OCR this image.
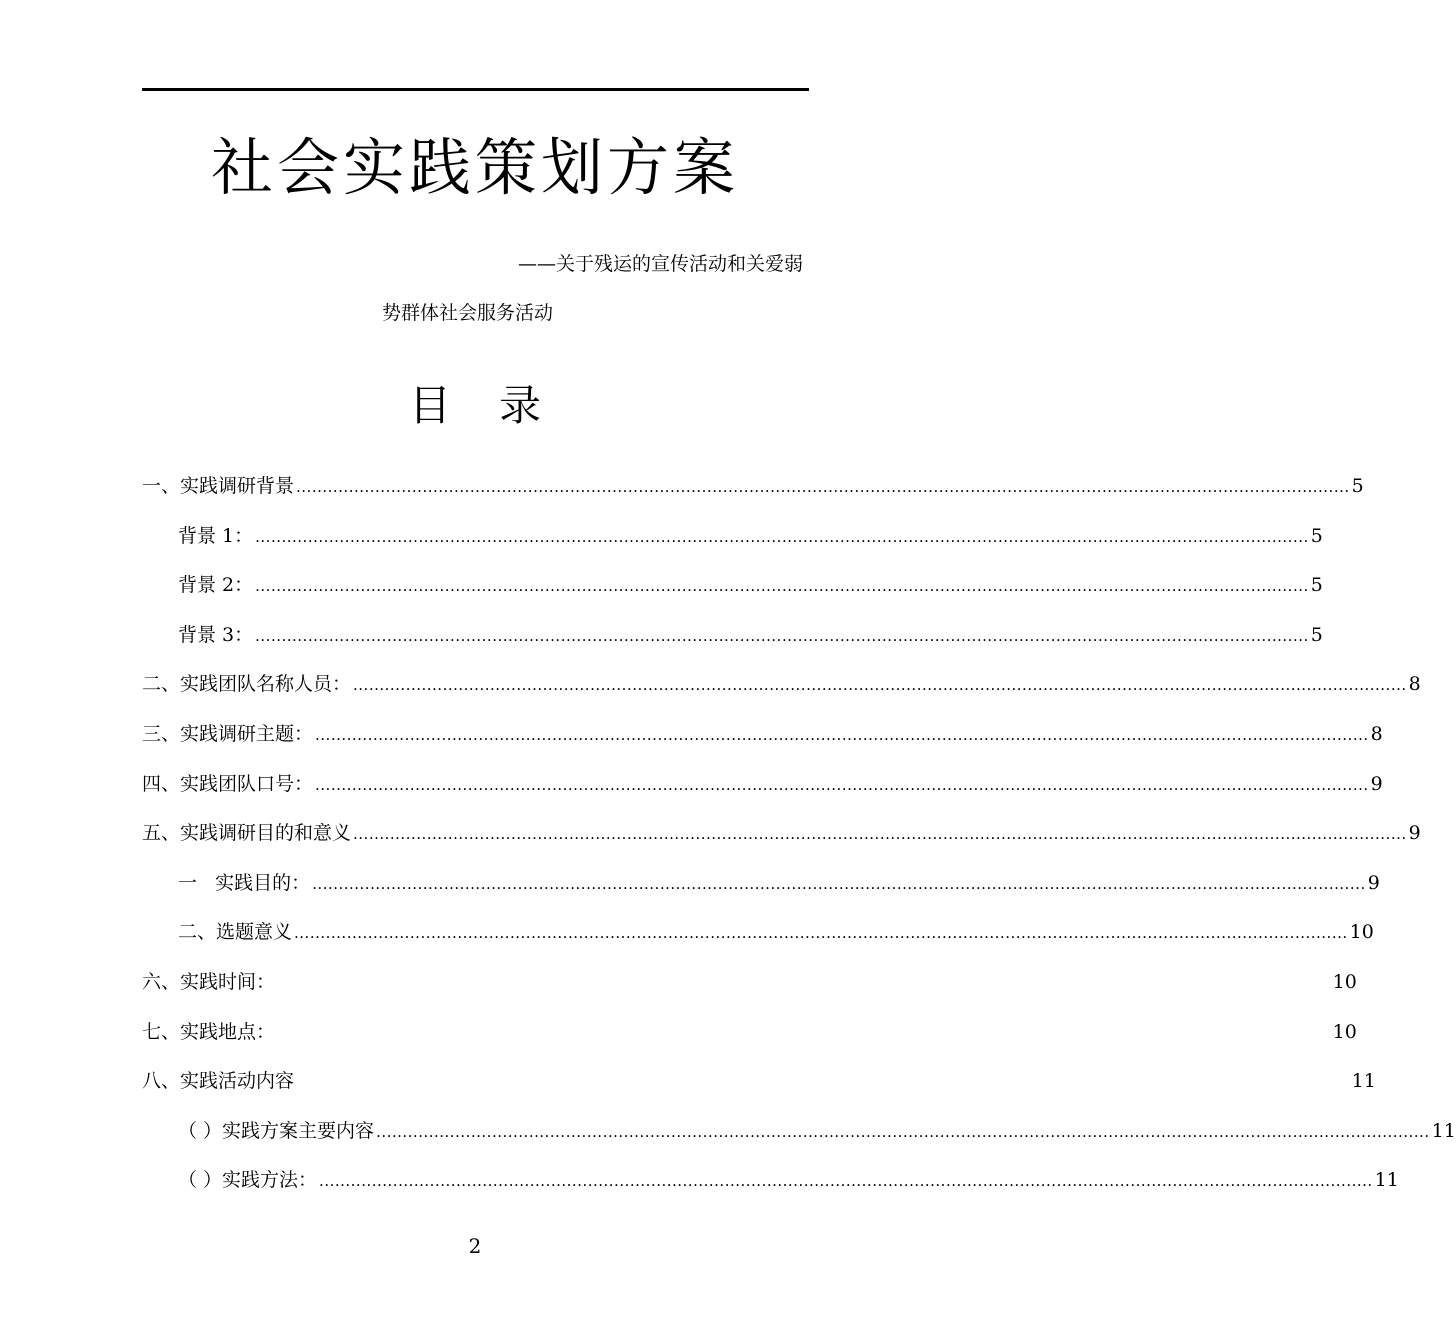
社会实践策划方案
——关于残运的宣传活动和关爱弱
势群体社会服务活动
目 录
一、实践调研背景 ........................................................................................................................................................................................................ 5
背景 1： ........................................................................................................................................................................................................ 5
背景 2： ........................................................................................................................................................................................................ 5
背景 3： ........................................................................................................................................................................................................ 5
二、实践团队名称人员： ........................................................................................................................................................................................................ 8
三、实践调研主题： ........................................................................................................................................................................................................ 8
四、实践团队口号： ........................................................................................................................................................................................................ 9
五、实践调研目的和意义 ........................................................................................................................................................................................................ 9
一   实践目的： ........................................................................................................................................................................................................ 9
二、选题意义 ........................................................................................................................................................................................................ 10
六、实践时间：	10
七、实践地点：	10
八、实践活动内容	11
（ ）实践方案主要内容 ........................................................................................................................................................................................................ 11
（ ）实践方法： ........................................................................................................................................................................................................ 11
2
